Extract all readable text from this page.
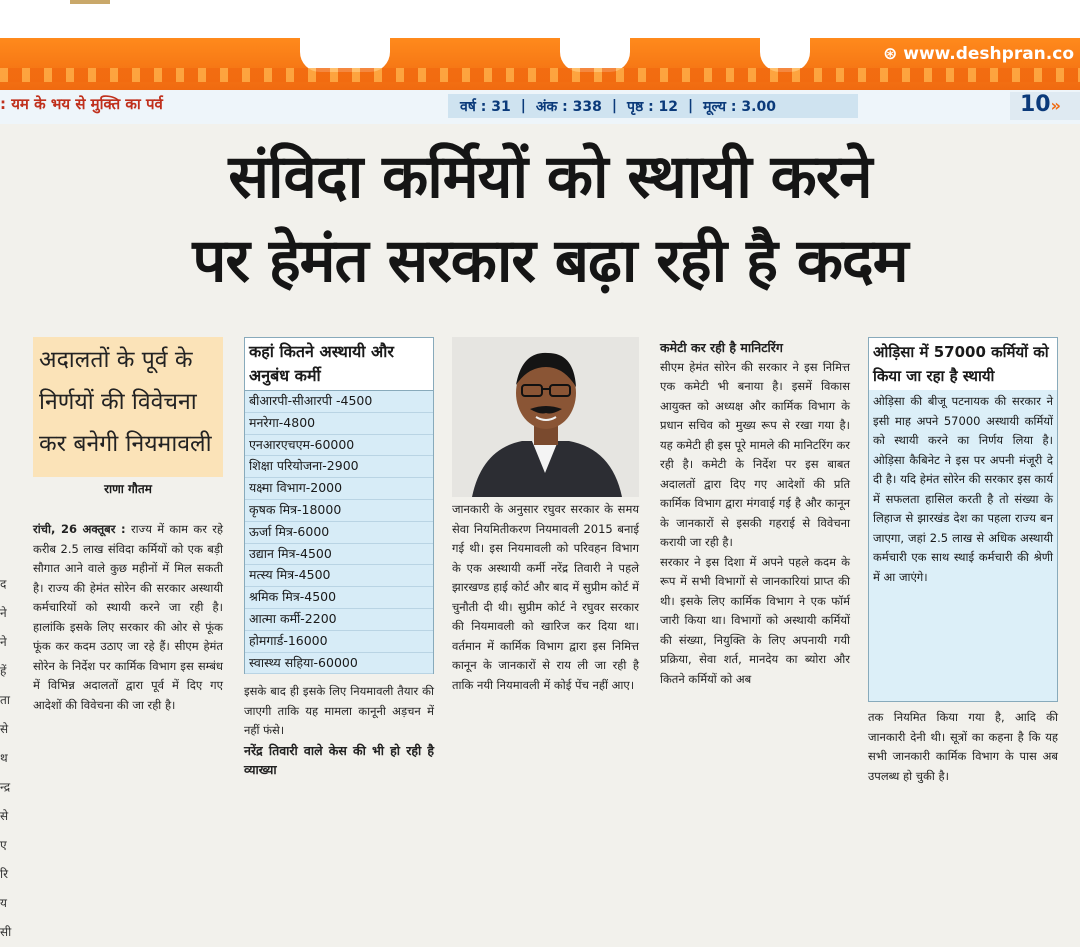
⊛ www.deshpran.co
: यम के भय से मुक्ति का पर्व	वर्ष : 31 | अंक : 338 | पृष्ठ : 12 | मूल्य : 3.00	10»
संविदा कर्मियों को स्थायी करने
पर हेमंत सरकार बढ़ा रही है कदम
द
ने
ने
हें
ता
से
थ
न्द्र
से
ए
रि
य
सी
अदालतों के पूर्व के निर्णयों की विवेचना कर बनेगी नियमावली
राणा गौतम

रांची, 26 अक्तूबर : राज्य में काम कर रहे करीब 2.5 लाख संविदा कर्मियों को एक बड़ी सौगात आने वाले कुछ महीनों में मिल सकती है। राज्य की हेमंत सोरेन की सरकार अस्थायी कर्मचारियों को स्थायी करने जा रही है। हालांकि इसके लिए सरकार की ओर से फूंक फूंक कर कदम उठाए जा रहे हैं। सीएम हेमंत सोरेन के निर्देश पर कार्मिक विभाग इस सम्बंध में विभिन्न अदालतों द्वारा पूर्व में दिए गए आदेशों की विवेचना की जा रही है।

कहां कितने अस्थायी और अनुबंध कर्मी
बीआरपी-सीआरपी -4500
मनरेगा-4800
एनआरएचएम-60000
शिक्षा परियोजना-2900
यक्ष्मा विभाग-2000
कृषक मित्र-18000
ऊर्जा मित्र-6000
उद्यान मित्र-4500
मत्स्य मित्र-4500
श्रमिक मित्र-4500
आत्मा कर्मी-2200
होमगार्ड-16000
स्वास्थ्य सहिया-60000

इसके बाद ही इसके लिए नियमावली तैयार की जाएगी ताकि यह मामला कानूनी अड़चन में नहीं फंसे।

नरेंद्र तिवारी वाले केस की भी हो रही है व्याख्या

जानकारी के अनुसार रघुवर सरकार के समय सेवा नियमितीकरण नियमावली 2015 बनाई गई थी। इस नियमावली को परिवहन विभाग के एक अस्थायी कर्मी नरेंद्र तिवारी ने पहले झारखण्ड हाई कोर्ट और बाद में सुप्रीम कोर्ट में चुनौती दी थी। सुप्रीम कोर्ट ने रघुवर सरकार की नियमावली को खारिज कर दिया था। वर्तमान में कार्मिक विभाग द्वारा इस निमित्त कानून के जानकारों से राय ली जा रही है ताकि नयी नियमावली में कोई पेंच नहीं आए।

कमेटी कर रही है मानिटरिंग

सीएम हेमंत सोरेन की सरकार ने इस निमित्त एक कमेटी भी बनाया है। इसमें विकास आयुक्त को अध्यक्ष और कार्मिक विभाग के प्रधान सचिव को मुख्य रूप से रखा गया है। यह कमेटी ही इस पूरे मामले की मानिटरिंग कर रही है। कमेटी के निर्देश पर इस बाबत अदालतों द्वारा दिए गए आदेशों की प्रति कार्मिक विभाग द्वारा मंगवाई गई है और कानून के जानकारों से इसकी गहराई से विवेचना करायी जा रही है।

सरकार ने इस दिशा में अपने पहले कदम के रूप में सभी विभागों से जानकारियां प्राप्त की थी। इसके लिए कार्मिक विभाग ने एक फॉर्म जारी किया था। विभागों को अस्थायी कर्मियों की संख्या, नियुक्ति के लिए अपनायी गयी प्रक्रिया, सेवा शर्त, मानदेय का ब्योरा और कितने कर्मियों को अब

ओड़िसा में 57000 कर्मियों को किया जा रहा है स्थायी
ओड़िसा की बीजू पटनायक की सरकार ने इसी माह अपने 57000 अस्थायी कर्मियों को स्थायी करने का निर्णय लिया है। ओड़िसा कैबिनेट ने इस पर अपनी मंजूरी दे दी है। यदि हेमंत सोरेन की सरकार इस कार्य में सफलता हासिल करती है तो संख्या के लिहाज से झारखंड देश का पहला राज्य बन जाएगा, जहां 2.5 लाख से अधिक अस्थायी कर्मचारी एक साथ स्थाई कर्मचारी की श्रेणी में आ जाएंगे।

तक नियमित किया गया है, आदि की जानकारी देनी थी। सूत्रों का कहना है कि यह सभी जानकारी कार्मिक विभाग के पास अब उपलब्ध हो चुकी है।
